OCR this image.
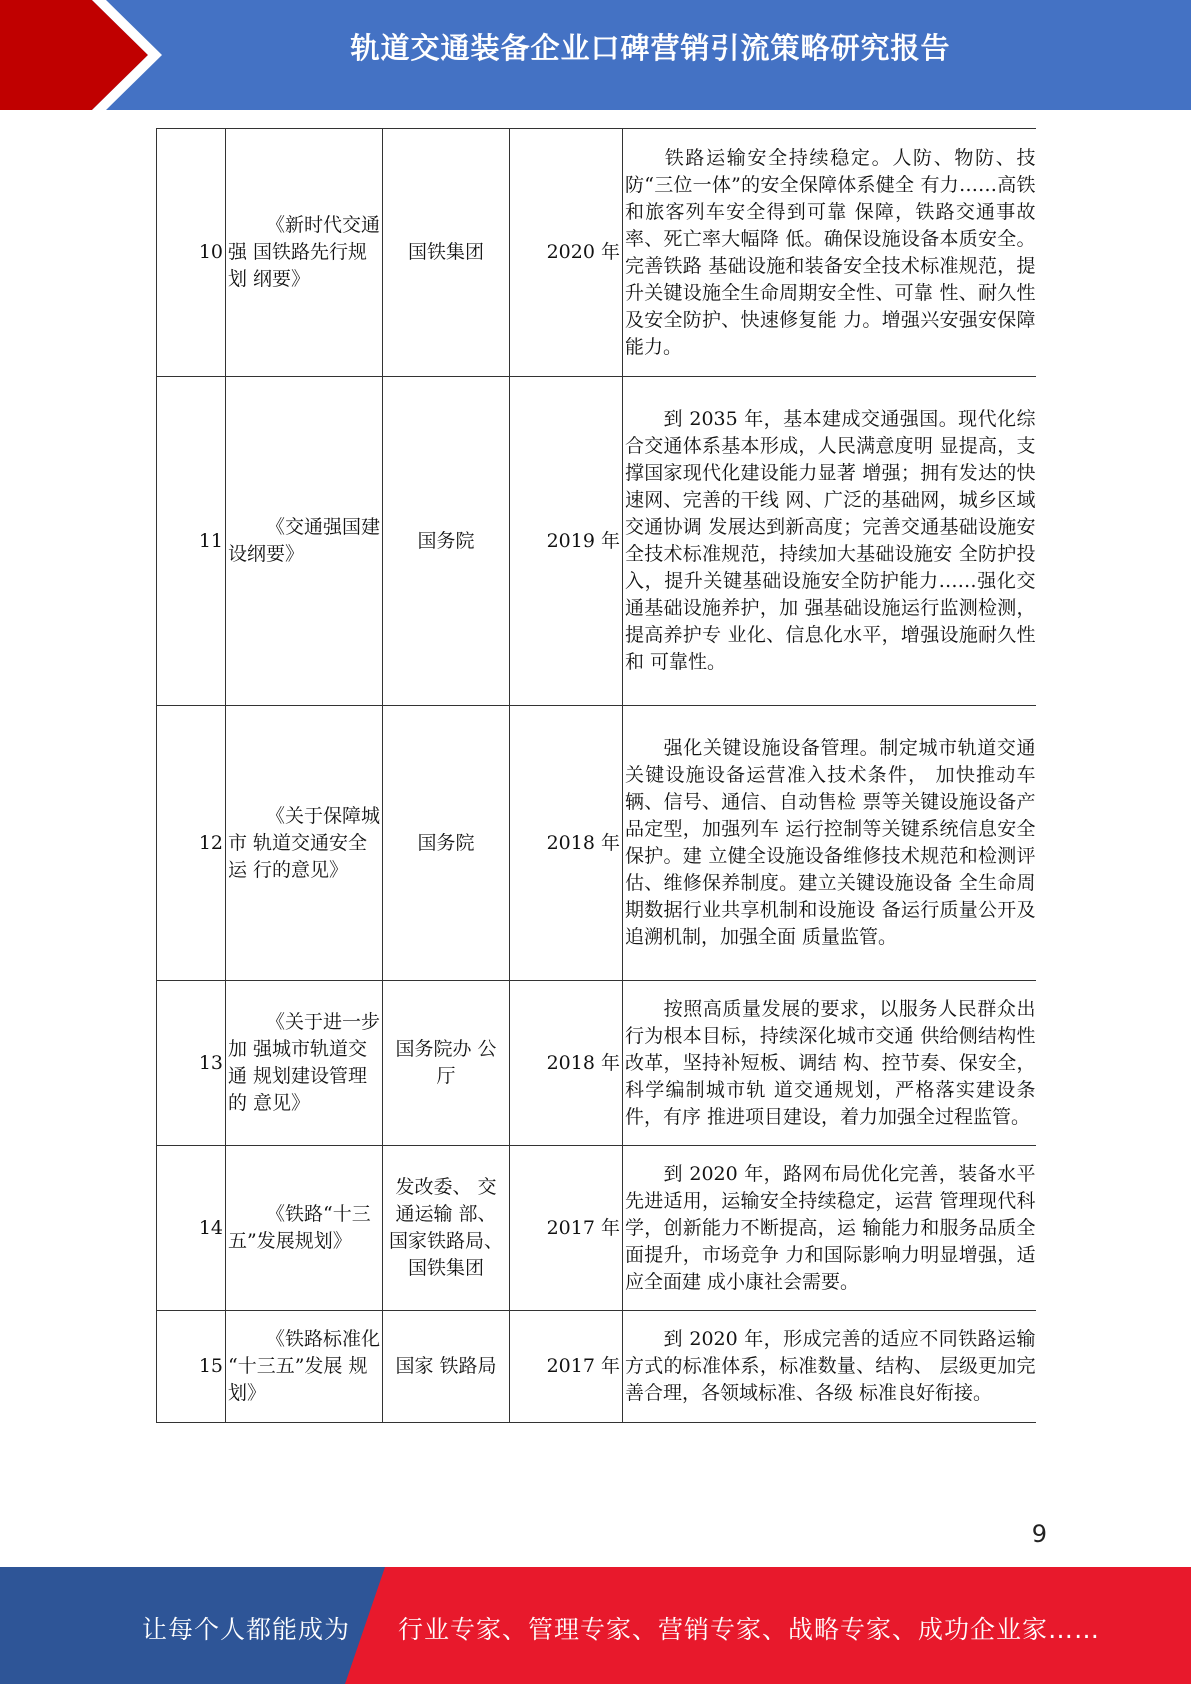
轨道交通装备企业口碑营销引流策略研究报告
10	《新时代交通强 国铁路先行规划 纲要》	国铁集团	2020 年	铁路运输安全持续稳定。人防、物防、技防“三位一体”的安全保障体系健全 有力……高铁和旅客列车安全得到可靠 保障，铁路交通事故率、死亡率大幅降 低。确保设施设备本质安全。完善铁路 基础设施和装备安全技术标准规范，提 升关键设施全生命周期安全性、可靠 性、耐久性及安全防护、快速修复能 力。增强兴安强安保障能力。
11	《交通强国建设纲要》	国务院	2019 年	到 2035 年，基本建成交通强国。现代化综合交通体系基本形成，人民满意度明 显提高，支撑国家现代化建设能力显著 增强；拥有发达的快速网、完善的干线 网、广泛的基础网，城乡区域交通协调 发展达到新高度；完善交通基础设施安 全技术标准规范，持续加大基础设施安 全防护投入，提升关键基础设施安全防护能力……强化交通基础设施养护，加 强基础设施运行监测检测，提高养护专 业化、信息化水平，增强设施耐久性和 可靠性。
12	《关于保障城市 轨道交通安全运 行的意见》	国务院	2018 年	强化关键设施设备管理。制定城市轨道交通关键设施设备运营准入技术条件， 加快推动车辆、信号、通信、自动售检 票等关键设施设备产品定型，加强列车 运行控制等关键系统信息安全保护。建 立健全设施设备维修技术规范和检测评 估、维修保养制度。建立关键设施设备 全生命周期数据行业共享机制和设施设 备运行质量公开及追溯机制，加强全面 质量监管。
13	《关于进一步加 强城市轨道交通 规划建设管理的 意见》	国务院办 公厅	2018 年	按照高质量发展的要求，以服务人民群众出行为根本目标，持续深化城市交通 供给侧结构性改革，坚持补短板、调结 构、控节奏、保安全，科学编制城市轨 道交通规划，严格落实建设条件，有序 推进项目建设，着力加强全过程监管。
14	《铁路“十三五”发展规划》	发改委、 交通运输 部、国家铁路局、 国铁集团	2017 年	到 2020 年，路网布局优化完善，装备水平先进适用，运输安全持续稳定，运营 管理现代科学，创新能力不断提高，运 输能力和服务品质全面提升，市场竞争 力和国际影响力明显增强，适应全面建 成小康社会需要。
15	《铁路标准化 “十三五”发展 规划》	国家 铁路局	2017 年	到 2020 年，形成完善的适应不同铁路运输方式的标准体系，标准数量、结构、 层级更加完善合理，各领域标准、各级 标准良好衔接。
9
让每个人都能成为 行业专家、管理专家、营销专家、战略专家、成功企业家……
